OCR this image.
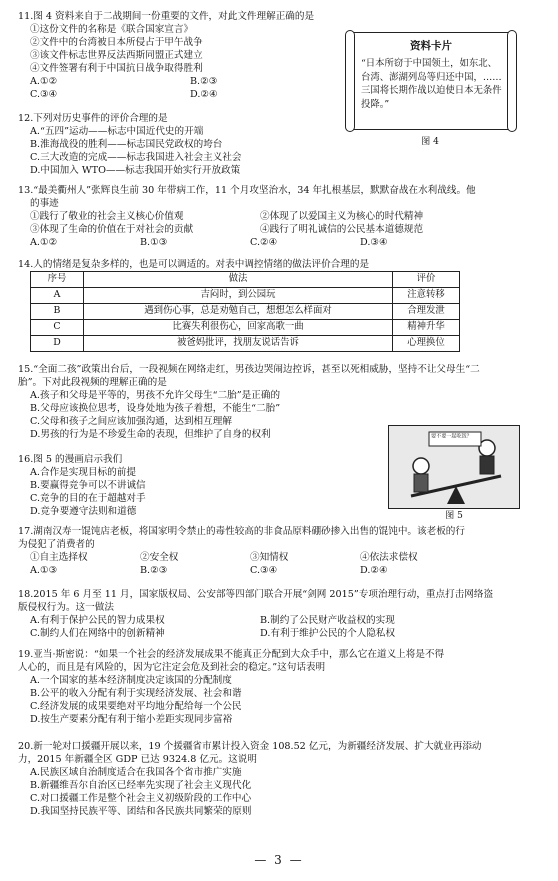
11.图 4 资料来自于二战期间一份重要的文件，对此文件理解正确的是
①这份文件的名称是《联合国家宣言》
②文件中的台湾被日本所侵占于甲午战争
③该文件标志世界反法西斯同盟正式建立
④文件签署有利于中国抗日战争取得胜利
A.①②	B.②③
C.③④	D.②④
资料卡片
“日本所窃于中国领土，如东北、台湾、澎湖列岛等归还中国，……三国将长期作战以迫使日本无条件投降。”
图 4
12.下列对历史事件的评价合理的是
A.“五四”运动——标志中国近代史的开端
B.淮海战役的胜利——标志国民党政权的垮台
C.三大改造的完成——标志我国进入社会主义社会
D.中国加入 WTO——标志我国开始实行开放政策
13.“最美衢州人”张辉良生前 30 年带病工作，11 个月攻坚治水，34 年扎根基层，默默奋战在水利战线。他
的事迹
①践行了敬业的社会主义核心价值观	②体现了以爱国主义为核心的时代精神
③体现了生命的价值在于对社会的贡献	④践行了明礼诚信的公民基本道德规范
A.①②	B.①③	C.②④	D.③④
14.人的情绪是复杂多样的，也是可以调适的。对表中调控情绪的做法评价合理的是
序号	做法	评价
A	吉闷时，到公园玩	注意转移
B	遇到伤心事，总是劝勉自己，想想怎么样面对	合理发泄
C	比赛失利很伤心，回家高歌一曲	精神升华
D	被爸妈批评，找朋友说话告诉	心理换位
15.“全面二孩”政策出台后，一段视频在网络走红，男孩边哭闹边控诉，甚至以死相威胁，坚持不让父母生“二
胎”。下对此段视频的理解正确的是
A.孩子和父母是平等的，男孩不允许父母生“二胎”是正确的
B.父母应该换位思考，设身处地为孩子着想，不能生“二胎”
C.父母和孩子之间应该加强沟通，达到相互理解
D.男孩的行为是不珍爱生命的表现，但维护了自身的权利
16.图 5 的漫画启示我们
A.合作是实现目标的前提
B.要赢得竞争可以不讲诚信
C.竞争的目的在于超越对手
D.竞争要遵守法则和道德
要不要一起吃饭？
图 5
17.湖南汉寿一馄饨店老板，将国家明令禁止的毒性较高的非食品原料硼砂掺入出售的馄饨中。该老板的行
为侵犯了消费者的
①自主选择权	②安全权	③知情权	④依法求偿权
A.①③	B.②③	C.③④	D.②④
18.2015 年 6 月至 11 月，国家版权局、公安部等四部门联合开展“剑网 2015”专项治理行动，重点打击网络盗
版侵权行为。这一做法
A.有利于保护公民的智力成果权	B.制约了公民财产收益权的实现
C.制约人们在网络中的创新精神	D.有利于维护公民的个人隐私权
19.亚当·斯密说：“如果一个社会的经济发展成果不能真正分配到大众手中，那么它在道义上将是不得
人心的，而且是有风险的，因为它注定会危及到社会的稳定。”这句话表明
A.一个国家的基本经济制度决定该国的分配制度
B.公平的收入分配有利于实现经济发展、社会和谐
C.经济发展的成果要绝对平均地分配给每一个公民
D.按生产要素分配有利于缩小差距实现同步富裕
20.新一轮对口援疆开展以来，19 个援疆省市累计投入资金 108.52 亿元，为新疆经济发展、扩大就业再添动
力，2015 年新疆全区 GDP 已达 9324.8 亿元。这说明
A.民族区域自治制度适合在我国各个省市推广实施
B.新疆维吾尔自治区已经率先实现了社会主义现代化
C.对口援疆工作是整个社会主义初级阶段的工作中心
D.我国坚持民族平等、团结和各民族共同繁荣的原则
— 3 —
